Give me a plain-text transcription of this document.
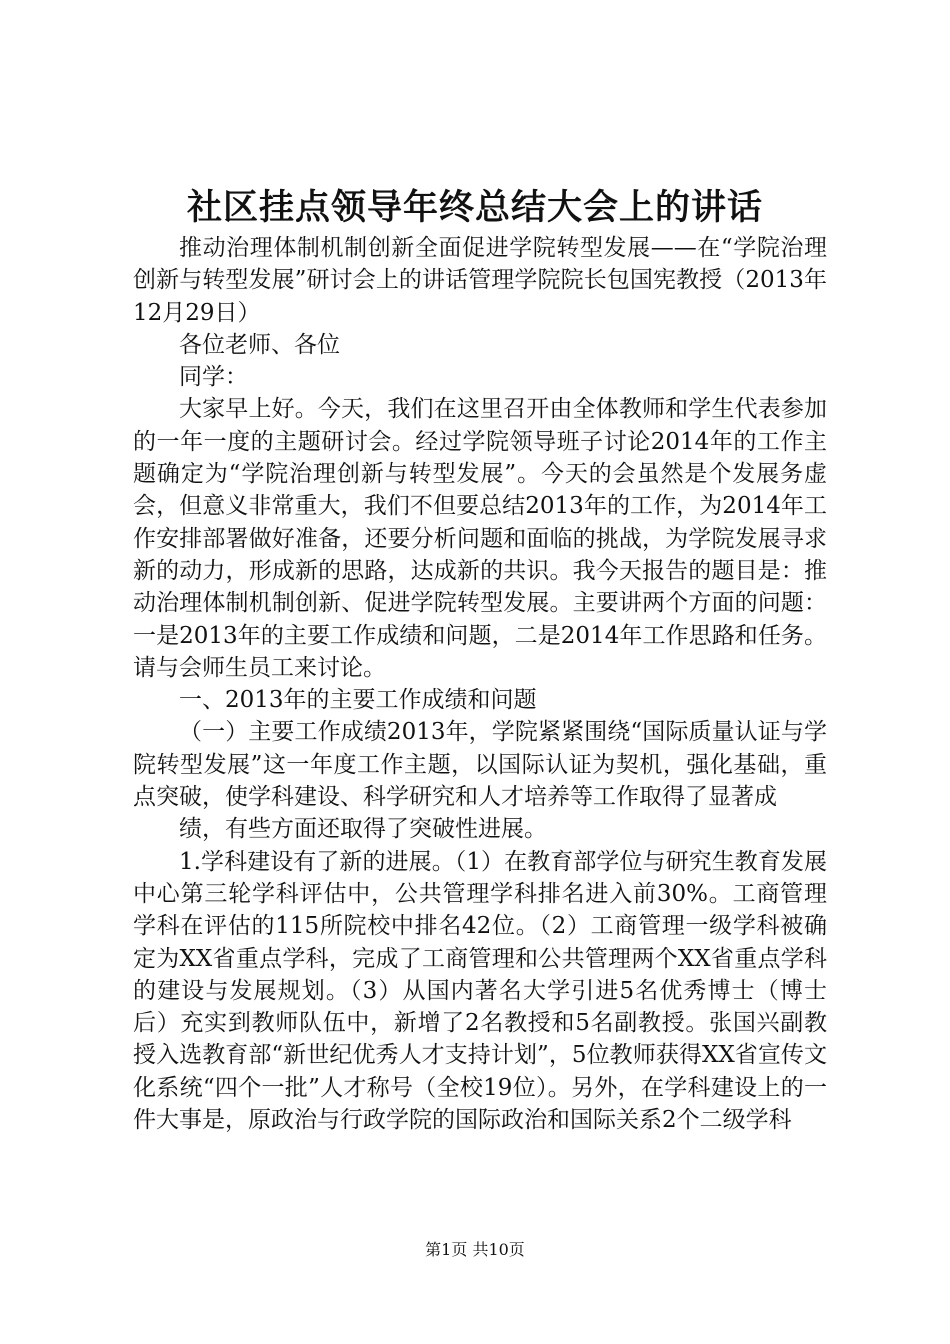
社区挂点领导年终总结大会上的讲话

推动治理体制机制创新全面促进学院转型发展——在“学院治理创新与转型发展”研讨会上的讲话管理学院院长包国宪教授（2013年12月29日）

各位老师、各位

同学：

大家早上好。今天，我们在这里召开由全体教师和学生代表参加的一年一度的主题研讨会。经过学院领导班子讨论2014年的工作主题确定为“学院治理创新与转型发展”。今天的会虽然是个发展务虚会，但意义非常重大，我们不但要总结2013年的工作，为2014年工作安排部署做好准备，还要分析问题和面临的挑战，为学院发展寻求新的动力，形成新的思路，达成新的共识。我今天报告的题目是：推动治理体制机制创新、促进学院转型发展。主要讲两个方面的问题：一是2013年的主要工作成绩和问题，二是2014年工作思路和任务。请与会师生员工来讨论。

一、2013年的主要工作成绩和问题

（一）主要工作成绩2013年，学院紧紧围绕“国际质量认证与学院转型发展”这一年度工作主题，以国际认证为契机，强化基础，重点突破，使学科建设、科学研究和人才培养等工作取得了显著成

绩，有些方面还取得了突破性进展。

1.学科建设有了新的进展。（1）在教育部学位与研究生教育发展中心第三轮学科评估中，公共管理学科排名进入前30%。工商管理学科在评估的115所院校中排名42位。（2）工商管理一级学科被确定为XX省重点学科，完成了工商管理和公共管理两个XX省重点学科的建设与发展规划。（3）从国内著名大学引进5名优秀博士（博士后）充实到教师队伍中，新增了2名教授和5名副教授。张国兴副教授入选教育部“新世纪优秀人才支持计划”，5位教师获得XX省宣传文化系统“四个一批”人才称号（全校19位）。另外，在学科建设上的一件大事是，原政治与行政学院的国际政治和国际关系2个二级学科

第1页 共10页
